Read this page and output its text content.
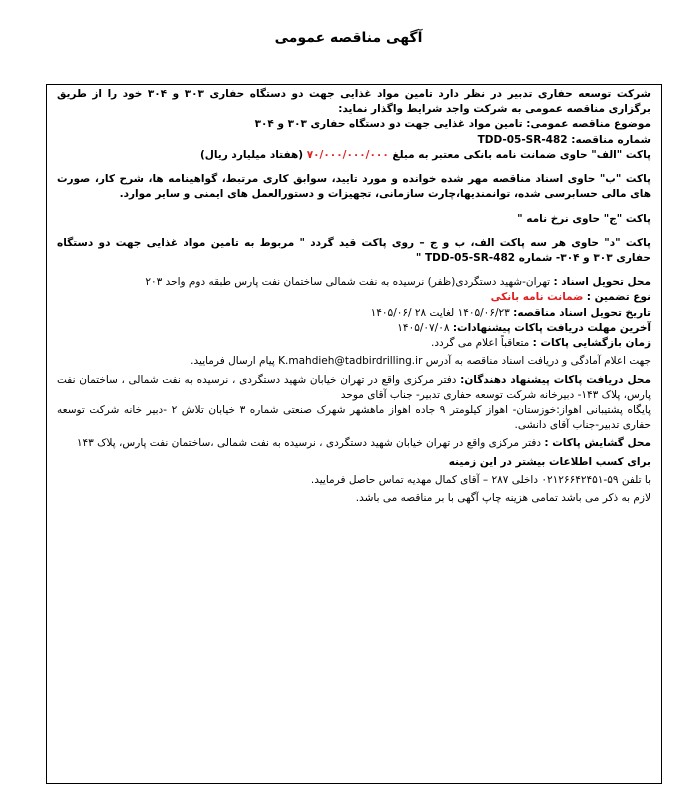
آگهی مناقصه عمومی

شرکت توسعه حفاری تدبیر در نظر دارد تامین مواد غذایی جهت دو دستگاه حفاری ۳۰۳ و ۳۰۴ خود را از طریق برگزاری مناقصه عمومی به شرکت واجد شرایط واگذار نماید:

موضوع مناقصه عمومی: تامین مواد غذایی جهت دو دستگاه حفاری ۳۰۳ و ۳۰۴

شماره مناقصه: TDD-05-SR-482

پاکت "الف" حاوی ضمانت نامه بانکی معتبر به مبلغ ۷۰/۰۰۰/۰۰۰/۰۰۰ (هفتاد میلیارد ریال)

پاکت "ب" حاوی اسناد مناقصه مهر شده خوانده و مورد تایید، سوابق کاری مرتبط، گواهینامه ها، شرح کار، صورت های مالی حسابرسی شده، توانمندیها،چارت سازمانی، تجهیزات و دستورالعمل های ایمنی و سایر موارد.

پاکت "ج" حاوی نرخ نامه "

پاکت "د" حاوی هر سه پاکت الف، ب و ج – روی پاکت قید گردد " مربوط به تامین مواد غذایی جهت دو دستگاه حفاری ۳۰۳ و ۳۰۴- شماره TDD-05-SR-482 "

محل تحویل اسناد : تهران-شهید دستگردی(ظفر) نرسیده به نفت شمالی ساختمان نفت پارس طبقه دوم واحد ۲۰۳

نوع تضمین : ضمانت نامه بانکی

تاریخ تحویل اسناد مناقصه: ۱۴۰۵/۰۶/۲۳ لغایت ۲۸ /۱۴۰۵/۰۶

آخرین مهلت دریافت پاکات پیشنهادات: ۱۴۰۵/۰۷/۰۸

زمان بازگشایی پاکات : متعاقباً اعلام می گردد.

جهت اعلام آمادگی و دریافت اسناد مناقصه به آدرس K.mahdieh@tadbirdrilling.ir پیام ارسال فرمایید.

محل دریافت پاکات پیشنهاد دهندگان: دفتر مرکزی واقع در تهران خیابان شهید دستگردی ، نرسیده به نفت شمالی ، ساختمان نفت پارس، پلاک ۱۴۳- دبیرخانه شرکت توسعه حفاری تدبیر- جناب آقای موحد

پایگاه پشتیبانی اهواز:خوزستان- اهواز کیلومتر ۹ جاده اهواز ماهشهر شهرک صنعتی شماره ۳ خیابان تلاش ۲ -دبیر خانه شرکت توسعه حفاری تدبیر-جناب آقای دانشی.

محل گشایش پاکات : دفتر مرکزی واقع در تهران خیابان شهید دستگردی ، نرسیده به نفت شمالی ،ساختمان نفت پارس، پلاک ۱۴۳

برای کسب اطلاعات بیشتر در این زمینه

با تلفن ۵۹-۰۲۱۲۶۶۴۲۴۵۱ داخلی ۲۸۷ – آقای کمال مهدیه تماس حاصل فرمایید.

لازم به ذکر می باشد تمامی هزینه چاپ آگهی با بر مناقصه می باشد.
